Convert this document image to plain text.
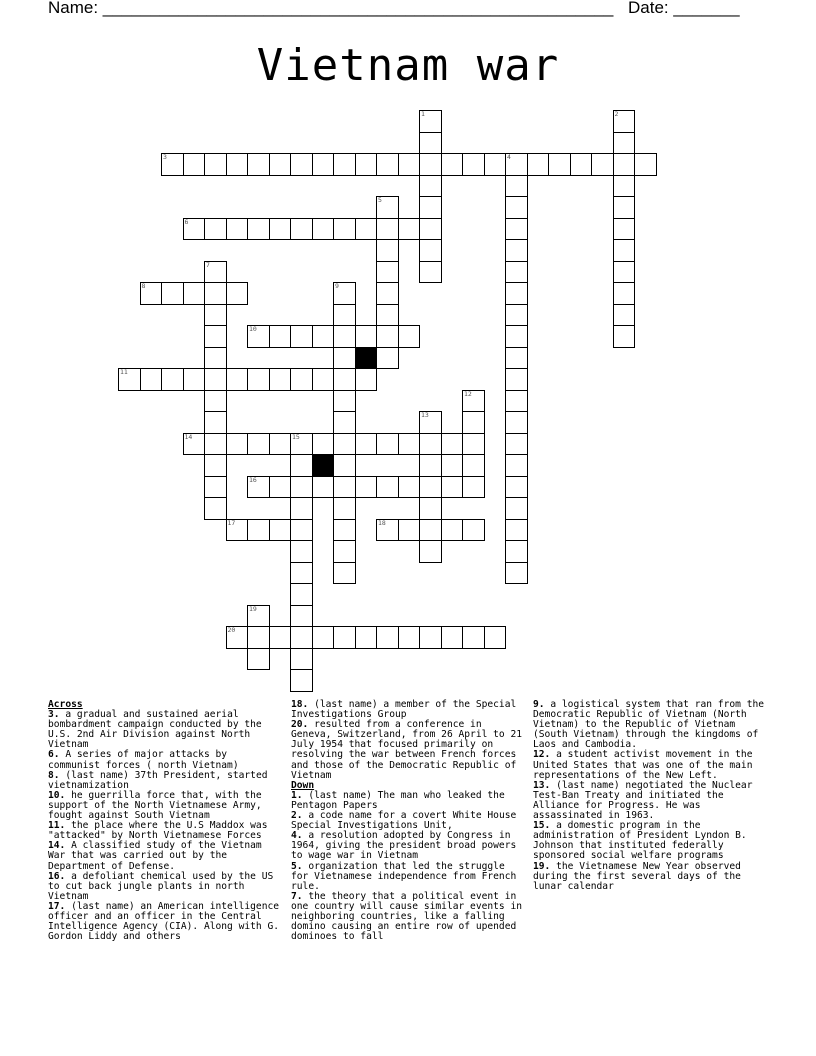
Name: ______________________________________________________ Date: _______
Vietnam war
1	2
3	4
5
6
7
8	9
10
11
12
13
14	15
16
17	18
19
20
Across
3. a gradual and sustained aerial bombardment campaign conducted by the U.S. 2nd Air Division against North Vietnam
6. A series of major attacks by communist forces ( north Vietnam)
8. (last name) 37th President, started vietnamization
10. he guerrilla force that, with the support of the North Vietnamese Army, fought against South Vietnam
11. the place where the U.S Maddox was "attacked" by North Vietnamese Forces
14. A classified study of the Vietnam War that was carried out by the Department of Defense.
16. a defoliant chemical used by the US to cut back jungle plants in north Vietnam
17. (last name) an American intelligence officer and an officer in the Central Intelligence Agency (CIA). Along with G. Gordon Liddy and others
18. (last name) a member of the Special Investigations Group
20. resulted from a conference in Geneva, Switzerland, from 26 April to 21 July 1954 that focused primarily on resolving the war between French forces and those of the Democratic Republic of Vietnam
Down
1. (last name) The man who leaked the Pentagon Papers
2. a code name for a covert White House Special Investigations Unit,
4. a resolution adopted by Congress in 1964, giving the president broad powers to wage war in Vietnam
5. organization that led the struggle for Vietnamese independence from French rule.
7. the theory that a political event in one country will cause similar events in neighboring countries, like a falling domino causing an entire row of upended dominoes to fall
9. a logistical system that ran from the Democratic Republic of Vietnam (North Vietnam) to the Republic of Vietnam (South Vietnam) through the kingdoms of Laos and Cambodia.
12. a student activist movement in the United States that was one of the main representations of the New Left.
13. (last name) negotiated the Nuclear Test-Ban Treaty and initiated the Alliance for Progress. He was assassinated in 1963.
15. a domestic program in the administration of President Lyndon B. Johnson that instituted federally sponsored social welfare programs
19. the Vietnamese New Year observed during the first several days of the lunar calendar
